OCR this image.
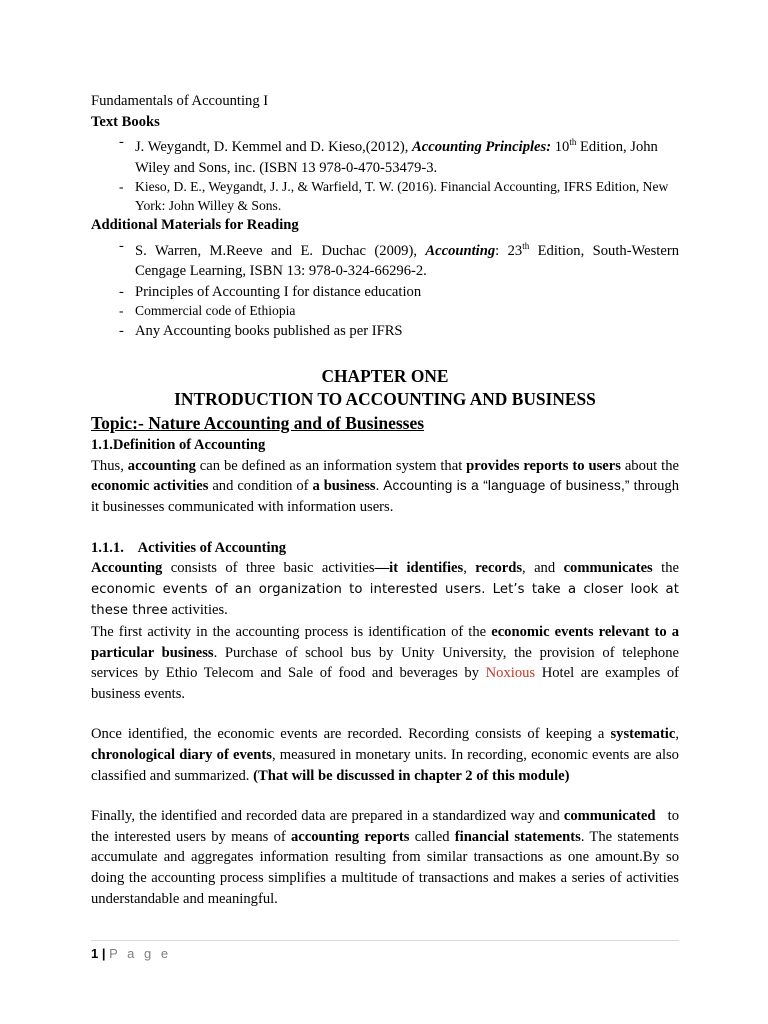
Fundamentals of Accounting I

Text Books

- J. Weygandt, D. Kemmel and D. Kieso,(2012), Accounting Principles: 10th Edition, John Wiley and Sons, inc. (ISBN 13 978-0-470-53479-3.
- Kieso, D. E., Weygandt, J. J., & Warfield, T. W. (2016). Financial Accounting, IFRS Edition, New York: John Willey & Sons.

Additional Materials for Reading

- S. Warren, M.Reeve and E. Duchac (2009), Accounting: 23th Edition, South-Western Cengage Learning, ISBN 13: 978-0-324-66296-2.
- Principles of Accounting I for distance education
- Commercial code of Ethiopia
- Any Accounting books published as per IFRS

CHAPTER ONE

INTRODUCTION TO ACCOUNTING AND BUSINESS

Topic:- Nature Accounting and of Businesses

1.1.Definition of Accounting

Thus, accounting can be defined as an information system that provides reports to users about the economic activities and condition of a business. Accounting is a “language of business,” through it businesses communicated with information users.

1.1.1. Activities of Accounting

Accounting consists of three basic activities—it identifies, records, and communicates the economic events of an organization to interested users. Let’s take a closer look at these three activities.

The first activity in the accounting process is identification of the economic events relevant to a particular business. Purchase of school bus by Unity University, the provision of telephone services by Ethio Telecom and Sale of food and beverages by Noxious Hotel are examples of business events.

Once identified, the economic events are recorded. Recording consists of keeping a systematic, chronological diary of events, measured in monetary units. In recording, economic events are also classified and summarized. (That will be discussed in chapter 2 of this module)

Finally, the identified and recorded data are prepared in a standardized way and communicated to the interested users by means of accounting reports called financial statements. The statements accumulate and aggregates information resulting from similar transactions as one amount.By so doing the accounting process simplifies a multitude of transactions and makes a series of activities understandable and meaningful.

1 | P a g e
